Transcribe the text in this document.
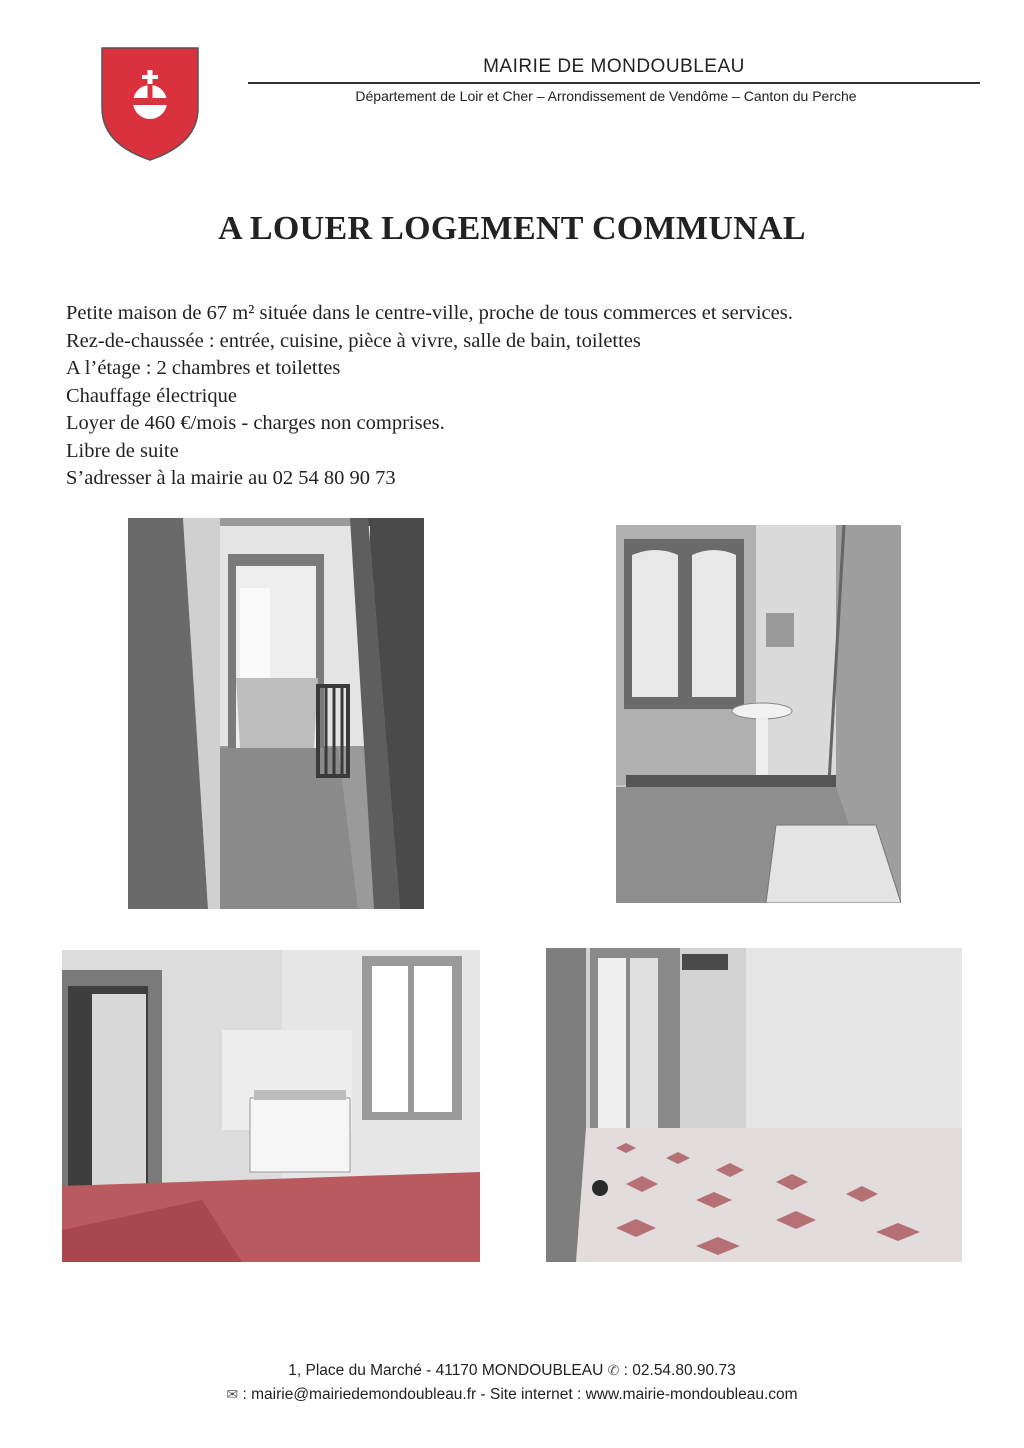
MAIRIE DE MONDOUBLEAU
Département de Loir et Cher – Arrondissement de Vendôme – Canton du Perche
A LOUER LOGEMENT COMMUNAL
Petite maison de 67 m² située dans le centre-ville, proche de tous commerces et services.
Rez-de-chaussée : entrée, cuisine, pièce à vivre, salle de bain, toilettes
A l’étage : 2 chambres et toilettes
Chauffage électrique
Loyer de 460 €/mois - charges non comprises.
Libre de suite
S’adresser à la mairie au 02 54 80 90 73
1, Place du Marché - 41170 MONDOUBLEAU ✆ : 02.54.80.90.73
✉ : mairie@mairiedemondoubleau.fr - Site internet : www.mairie-mondoubleau.com
